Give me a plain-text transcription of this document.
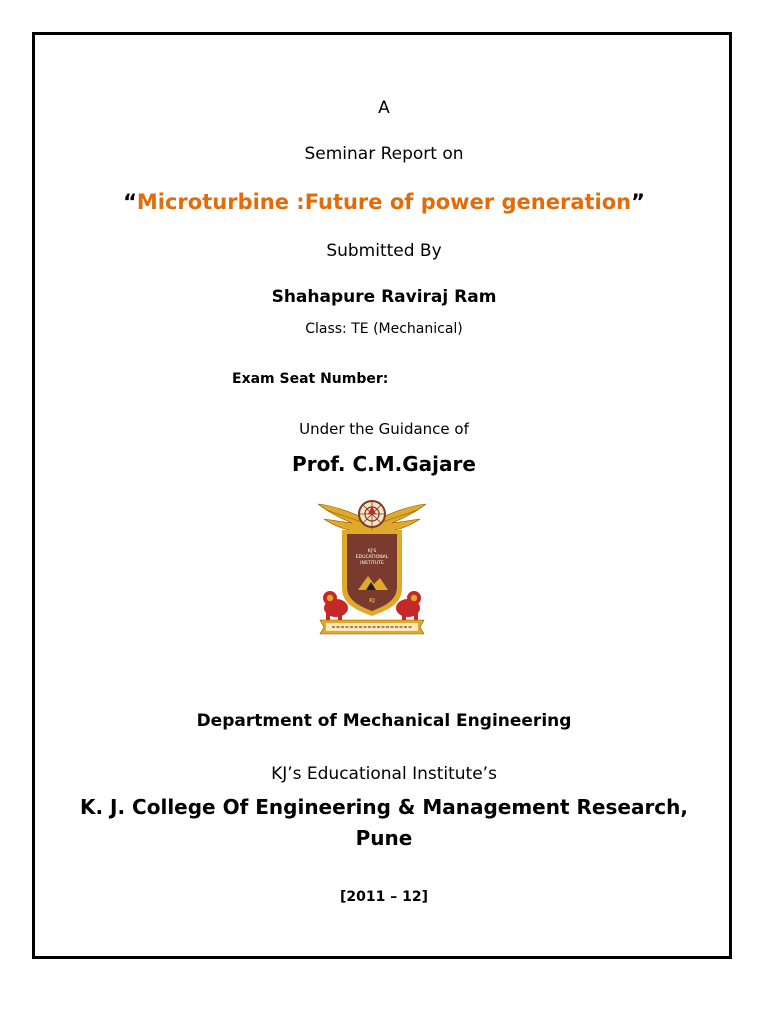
A
Seminar Report on
“Microturbine :Future of power generation”
Submitted By
Shahapure Raviraj Ram
Class: TE (Mechanical)
Exam Seat Number:
Under the Guidance of
Prof. C.M.Gajare
KJ'S
EDUCATIONAL
INSTITUTE
KJ
Department of Mechanical Engineering
KJ’s Educational Institute’s
K. J. College Of Engineering & Management Research,
Pune
[2011 – 12]
